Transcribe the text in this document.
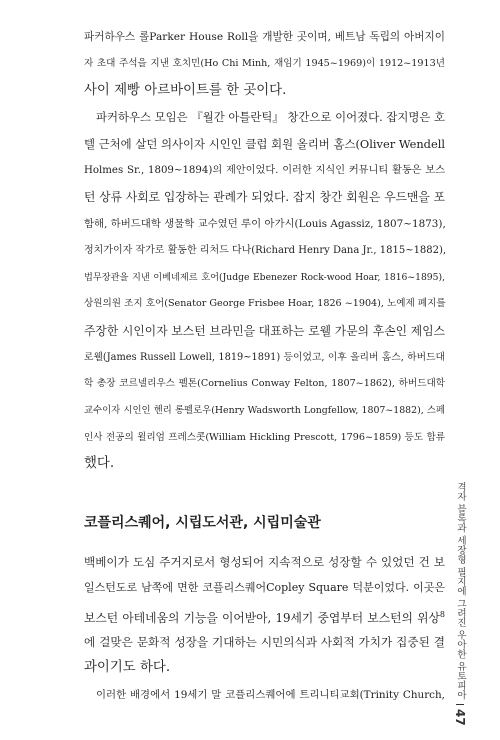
파커하우스 롤Parker House Roll을 개발한 곳이며, 베트남 독립의 아버지이
자 초대 주석을 지낸 호치민(Ho Chi Minh, 재임기 1945~1969)이 1912~1913년
사이 제빵 아르바이트를 한 곳이다.
파커하우스 모임은 『월간 아틀란틱』 창간으로 이어졌다. 잡지명은 호
텔 근처에 살던 의사이자 시인인 클럽 회원 올리버 홈스(Oliver Wendell
Holmes Sr., 1809~1894)의 제안이었다. 이러한 지식인 커뮤니티 활동은 보스
턴 상류 사회로 입장하는 관례가 되었다. 잡지 창간 회원은 우드맨을 포
함해, 하버드대학 생물학 교수였던 루이 아가시(Louis Agassiz, 1807~1873),
정치가이자 작가로 활동한 리처드 다나(Richard Henry Dana Jr., 1815~1882),
법무장관을 지낸 이베네제르 호어(Judge Ebenezer Rock-wood Hoar, 1816~1895),
상원의원 조지 호어(Senator George Frisbee Hoar, 1826 ~1904), 노예제 폐지를
주장한 시인이자 보스턴 브라민을 대표하는 로웰 가문의 후손인 제임스
로웰(James Russell Lowell, 1819~1891) 등이었고, 이후 올리버 홈스, 하버드대
학 총장 코르넬리우스 펠톤(Cornelius Conway Felton, 1807~1862), 하버드대학
교수이자 시인인 헨리 롱펠로우(Henry Wadsworth Longfellow, 1807~1882), 스페
인사 전공의 윌리엄 프레스콧(William Hickling Prescott, 1796~1859) 등도 합류
했다.
코플리스퀘어, 시립도서관, 시립미술관
백베이가 도심 주거지로서 형성되어 지속적으로 성장할 수 있었던 건 보
일스턴도로 남쪽에 면한 코플리스퀘어Copley Square 덕분이었다. 이곳은
보스턴 아테네움의 기능을 이어받아, 19세기 중엽부터 보스턴의 위상$^8$
에 걸맞은 문화적 성장을 기대하는 시민의식과 사회적 가치가 집중된 결
과이기도 하다.
이러한 배경에서 19세기 말 코플리스퀘어에 트리니티교회(Trinity Church, 격자 블록과 세장형 필지에 그려진 우아한 유토피아
47
